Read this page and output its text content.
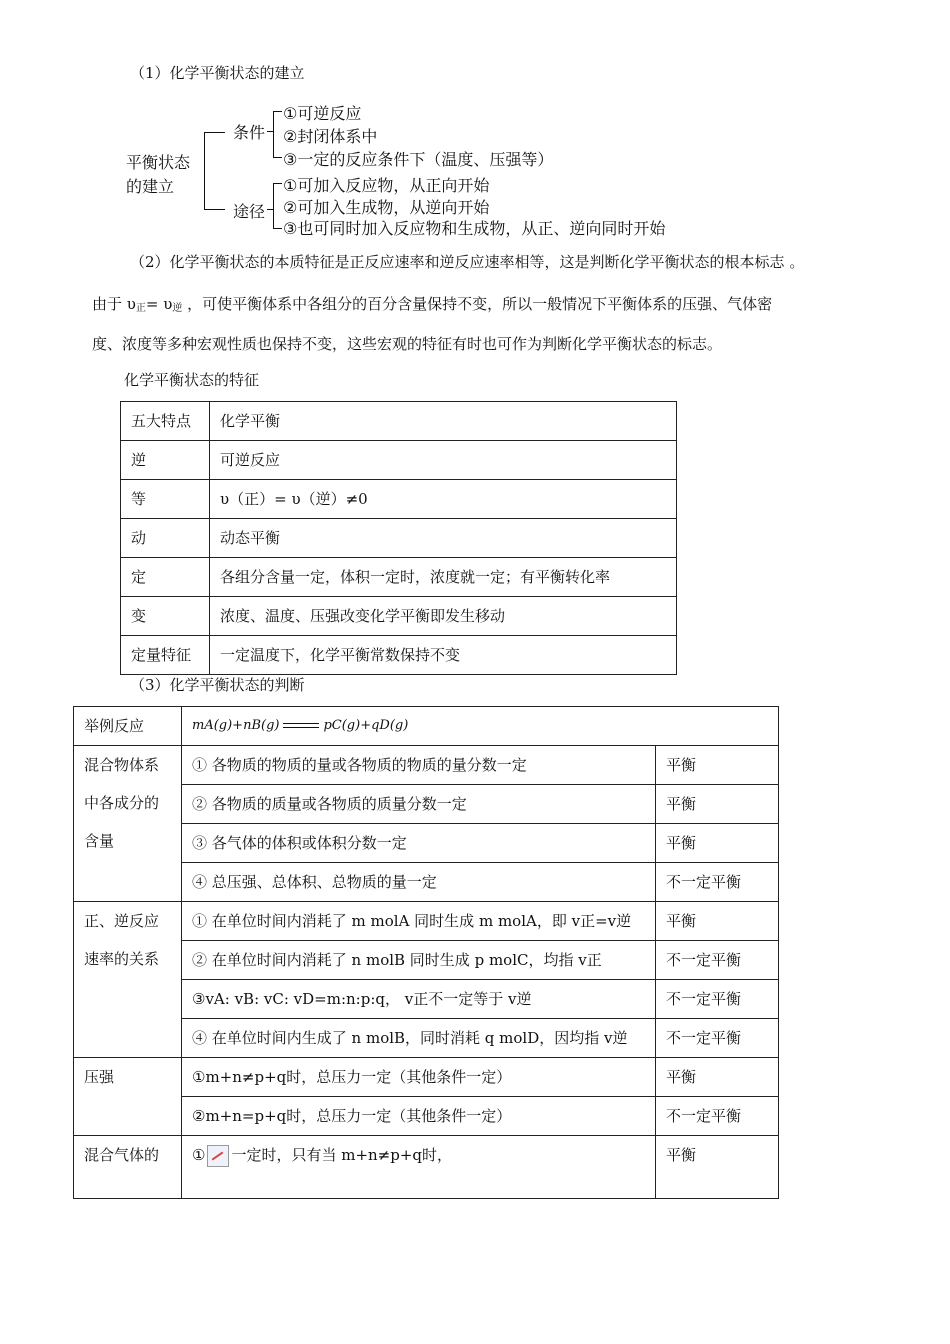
（1）化学平衡状态的建立
平衡状态
的建立
条件
①可逆反应
②封闭体系中
③一定的反应条件下（温度、压强等）
途径
①可加入反应物，从正向开始
②可加入生成物，从逆向开始
③也可同时加入反应物和生成物，从正、逆向同时开始
（2）化学平衡状态的本质特征是正反应速率和逆反应速率相等，这是判断化学平衡状态的根本标志 。
由于 $\upsilon_正= \upsilon_逆$ ，可使平衡体系中各组分的百分含量保持不变，所以一般情况下平衡体系的压强、气体密
度、浓度等多种宏观性质也保持不变，这些宏观的特征有时也可作为判断化学平衡状态的标志。
化学平衡状态的特征
五大特点	化学平衡
逆	可逆反应
等	υ（正）= υ（逆）≠0
动	动态平衡
定	各组分含量一定，体积一定时，浓度就一定；有平衡转化率
变	浓度、温度、压强改变化学平衡即发生移动
定量特征	一定温度下，化学平衡常数保持不变
（3）化学平衡状态的判断
举例反应	mA(g)+nB(g) pC(g)+qD(g)	
混合物体系中各成分的含量	① 各物质的物质的量或各物质的物质的量分数一定	平衡
	② 各物质的质量或各物质的质量分数一定	平衡
	③ 各气体的体积或体积分数一定	平衡
	④ 总压强、总体积、总物质的量一定	不一定平衡
正、逆反应速率的关系	① 在单位时间内消耗了 m molA 同时生成 m molA，即 v正=v逆	平衡
	② 在单位时间内消耗了 n molB 同时生成 p molC，均指 v正	不一定平衡
	③vA: vB: vC: vD=m:n:p:q， v正不一定等于 v逆	不一定平衡
	④ 在单位时间内生成了 n molB，同时消耗 q molD，因均指 v逆	不一定平衡
压强	①m+n≠p+q时，总压力一定（其他条件一定）	平衡
	②m+n=p+q时，总压力一定（其他条件一定）	不一定平衡
混合气体的	① 一定时，只有当 m+n≠p+q时，	平衡
